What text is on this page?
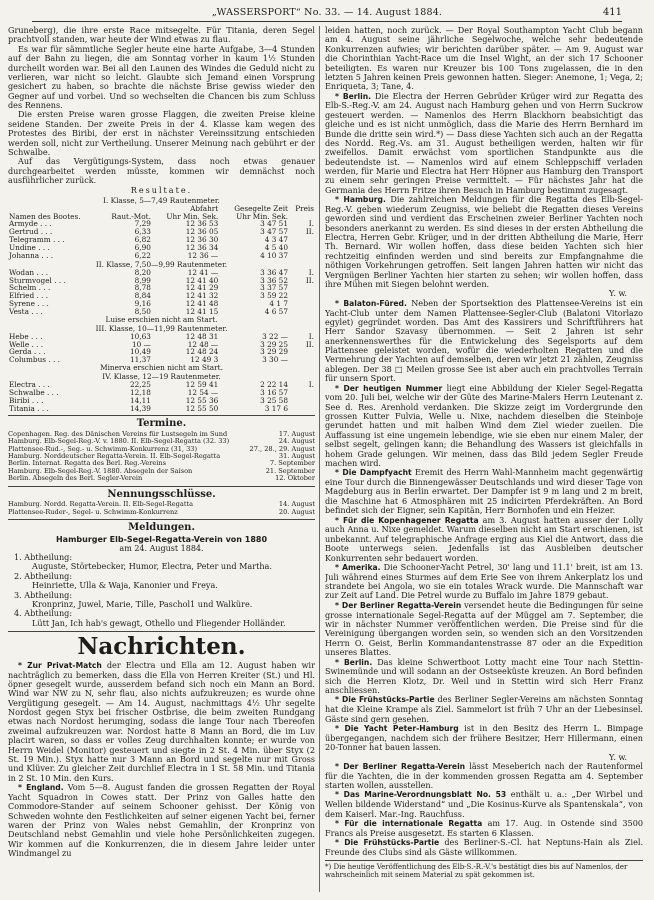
„WASSERSPORT“ No. 33. — 14. August 1884.	411

Gruneberg), die ihre erste Race mitsegelte. Für Titania, deren Segel prachtvoll standen, war heute der Wind etwas zu flau.

Es war für sämmtliche Segler heute eine harte Aufgabe, 3—4 Stunden auf der Bahn zu liegen, die am Sonntag vorher in kaum 1½ Stunden durcheilt worden war. Bei all den Launen des Windes die Geduld nicht zu verlieren, war nicht so leicht. Glaubte sich Jemand einen Vorsprung gesichert zu haben, so brachte die nächste Brise gewiss wieder den Gegner auf und vorbei. Und so wechselten die Chancen bis zum Schluss des Rennens.

Die ersten Preise waren grosse Flaggen, die zweiten Preise kleine seidene Standen. Der zweite Preis in der 4. Klasse kam wegen des Protestes des Biribi, der erst in nächster Vereinssitzung entschieden werden soll, nicht zur Vertheilung. Unserer Meinung nach gebührt er der Schwalbe.

Auf das Vergütigungs-System, dass noch etwas genauer durchgearbeitet werden müsste, kommen wir demnächst noch ausführlicher zurück.

Resultate.
I. Klasse, 5—7,49 Rautenmeter.				
		Abfahrt	Gesegelte Zeit	Preis
Namen des Bootes.	Raut.-Mot.	Uhr Min. Sek.	Uhr Min. Sek.	
Armyde . . .	7,29	12 36 53	3 47 51	I.
Gertrud . . .	6,33	12 36 05	3 47 57	II.
Telegramm . . .	6,82	12 36 30	4 3 47	
Undine . . .	6,90	12 36 34	4 5 40	
Johanna . . .	6,22	12 36 —	4 10 37	
II. Klasse, 7,50—9,99 Rautenmeter.				
Wodan . . .	8,20	12 41 —	3 36 47	I.
Sturmvogel . . .	8,99	12 41 40	3 36 52	II.
Schelm . . .	8,78	12 41 29	3 37 57	
Elfried . . .	8,84	12 41 32	3 59 22	
Syrene . . .	9,16	12 41 48	4 1 7	
Vesta . . .	8,50	12 41 15	4 6 57	
Luise erschien nicht am Start.				
III. Klasse, 10—11,99 Rautenmeter.				
Hebe . . .	10,63	12 48 31	3 22 —	I.
Welle . . .	10 —	12 48 —	3 29 25	II.
Gerda . . .	10,49	12 48 24	3 29 29	
Columbus . . .	11,37	12 49 3	3 30 —	
Minerva erschien nicht am Start.				
IV. Klasse, 12—19 Rautenmeter.				
Electra . . .	22,25	12 59 41	2 22 14	I.
Schwalbe . . .	12,18	12 54 —	3 16 57	
Biribi . . .	14,11	12 55 36	3 25 58	
Titania . . .	14,39	12 55 50	3 17 6	
Termine.
Copenhagen. Reg. des Dänischen Vereins für Lustsegeln im Sund	17. August
Hamburg. Elb-Segel-Reg.-V. v. 1880. II. Elb-Segel-Regatta (32. 33)	24. August
Plattensee-Rud.-, Seg.- u. Schwimm-Konkurrenz (31, 33)	27., 28., 29. August
Hamburg. Norddeutscher Regatta-Verein. II. Elb-Segel-Regatta	31. August
Berlin. Internat. Regatta des Berl. Reg.-Vereins	7. September
Hamburg. Elb-Segel-Reg.-V. 1880. Absegeln der Saison	21. September
Berlin. Absegeln des Berl. Segler-Verein	12. Oktober
Nennungsschlüsse.
Hamburg. Nordd. Regatta-Verein. II. Elb-Segel-Regatta	14. August
Plattensee-Ruder-, Segel- u. Schwimm-Konkurrenz	20. August
Meldungen.
Hamburger Elb-Segel-Regatta-Verein von 1880
am 24. August 1884.
1. Abtheilung:
Auguste, Störtebecker, Humor, Electra, Peter und Martha.
2. Abtheilung:
Heinriette, Ulla & Waja, Kanonier und Freya.
3. Abtheilung:
Kronprinz, Juwel, Marie, Tille, Paschol1 und Walküre.
4. Abtheilung:
Lütt Jan, Ich hab's gewagt, Othello und Fliegender Holländer.
Nachrichten.

* Zur Privat-Match der Electra und Ella am 12. August haben wir nachträglich zu bemerken, dass die Ella von Herren Kreiter (St.) und Hl. öpner gesegelt wurde, ausserdem befand sich noch ein Mann an Bord. Wind war NW zu N, sehr flau, also nichts aufzukreuzen; es wurde ohne Vergütigung gesegelt. — Am 14. August, nachmittags 4½ Uhr segelte Nordost gegen Styx bei frischer Ostbrise, die beim zweiten Rundgang etwas nach Nordost herumging, sodass die lange Tour nach Tbereofen zweimal aufzukreuzen war. Nordost hatte 8 Mann an Bord, die im Luv placirt waren, so dass er volles Zeug durchhalten konnte; er wurde von Herrn Weidel (Monitor) gesteuert und siegte in 2 St. 4 Min. über Styx (2 St. 19 Min.). Styx hatte nur 3 Mann an Bord und segelte nur mit Gross und Klüver. Zu gleicher Zeit durchlief Electra in 1 St. 58 Min. und Titania in 2 St. 10 Min. den Kurs.

* England. Vom 5—8. August fanden die grossen Regatten der Royal Yacht Squadron in Cowes statt. Der Prinz von Galles hatte den Commodore-Stander auf seinem Schooner gehisst. Der König von Schweden wohnte den Festlichkeiten auf seiner eigenen Yacht bei, ferner waren der Prinz von Wales nebst Gemahlin, der Kronprinz von Deutschland nebst Gemahlin und viele hohe Persönlichkeiten zugegen. Wir kommen auf die Konkurrenzen, die in diesem Jahre leider unter Windmangel zu

leiden hatten, noch zurück. — Der Royal Southampton Yacht Club begann am 4. August seine jährliche Segelwoche, welche sehr bedeutende Konkurrenzen aufwies; wir berichten darüber später. — Am 9. August war die Chorinthian Yacht-Race um die Insel Wight, an der sich 17 Schooner beteiligten. Es waren nur Kreuzer bis 100 Tons zugelassen, die in den letzten 5 Jahren keinen Preis gewonnen hatten. Sieger: Anemone, 1; Vega, 2; Enriqueta, 3; Tane, 4.

* Berlin. Die Electra der Herren Gebrüder Krüger wird zur Regatta des Elb-S.-Reg.-V. am 24. August nach Hamburg gehen und von Herrn Suckrow gesteuert werden. — Namenlos des Herrn Blackhorn beabsichtigt das gleiche und es ist nicht unmöglich, dass die Marie des Herrn Bernhard im Bunde die dritte sein wird.*) — Dass diese Yachten sich auch an der Regatta des Nordd. Reg.-Vs. am 31. August betheiligen werden, halten wir für zweifellos. Damit erwächst vom sportlichen Standpunkte aus die bedeutendste ist. — Namenlos wird auf einem Schleppschiff verladen werden, für Marie und Electra hat Herr Höpner aus Hamburg den Transport zu einem sehr geringen Preise vermittelt. — Für nächstes Jahr hat die Germania des Herrn Fritze ihren Besuch in Hamburg bestimmt zugesagt.

* Hamburg. Die zahlreichen Meldungen für die Regatta des Elb-Segel-Reg.-V. geben wiederum Zeugniss, wie beliebt die Regatten dieses Vereins geworden sind und verdient das Erscheinen zweier Berliner Yachten noch besonders anerkannt zu werden. Es sind dieses in der ersten Abtheilung die Electra, Herren Gebr. Krüger, und in der dritten Abtheilung die Marie, Herr Th. Bernard. Wir wollen hoffen, dass diese beiden Yachten sich hier rechtzeitig einfinden werden und sind bereits zur Empfangnahme die nöthigen Vorkehrungen getroffen. Seit langen Jahren hatten wir nicht das Vergnügen Berliner Yachten hier starten zu sehen; wir wollen hoffen, dass ihre Mühen mit Siegen belohnt werden.

Y. w.

* Balaton-Füred. Neben der Sportsektion des Plattensee-Vereins ist ein Yacht-Club unter dem Namen Plattensee-Segler-Club (Balatoni Vitorlazo egylet) gegründet worden. Das Amt des Kassirers und Schriftführers hat Herr Sandor Szavasy übernommen. — Seit 2 Jahren ist sehr anerkennenswerthes für die Entwickelung des Segelsports auf dem Plattensee geleistet worden, wofür die wiederholten Regatten und die Vermehrung der Yachten auf demselben, deren wir jetzt 21 zählen, Zeugniss ablegen. Der 38 □ Meilen grosse See ist aber auch ein prachtvolles Terrain für unsern Sport.

* Der heutigen Nummer liegt eine Abbildung der Kieler Segel-Regatta vom 20. Juli bei, welche wir der Güte des Marine-Malers Herrn Leutenant z. See d. Res. Arenhold verdanken. Die Skizze zeigt im Vordergrunde den grossen Kutter Fulvia, Welle u. Nixe, nachdem dieselben die Steinboje gerundet hatten und mit halben Wind dem Ziel wieder zueilen. Die Auffassung ist eine ungemein lebendige, wie sie eben nur einem Maler, der selbst segelt, gelingen kann; die Behandlung des Wassers ist gleichfalls in hohem Grade gelungen. Wir meinen, dass das Bild jedem Segler Freude machen wird.

* Die Dampfyacht Eremit des Herrn Wahl-Mannheim macht gegenwärtig eine Tour durch die Binnengewässer Deutschlands und wird dieser Tage von Magdeburg aus in Berlin erwartet. Der Dampfer ist 9 m lang und 2 m breit, die Maschine hat 6 Atmosphären mit 25 indicirten Pferdekräften. An Bord befindet sich der Eigner, sein Kapitän, Herr Bornhofen und ein Heizer.

* Für die Kopenhagener Regatta am 3. August hatten ausser der Lolly auch Anna u. Nixe gemeldet. Warum dieselben nicht am Start erschienen, ist unbekannt. Auf telegraphische Anfrage erging aus Kiel die Antwort, dass die Boote unterwegs seien. Jedenfalls ist das Ausbleiben deutscher Konkurrenten sehr bedauert worden.

* Amerika. Die Schooner-Yacht Petrel, 30' lang und 11.1' breit, ist am 13. Juli während eines Sturmes auf dem Erie See von ihrem Ankerplatz los und strandete bei Angola, wo sie ein totales Wrack wurde. Die Mannschaft war zur Zeit auf Land. Die Petrel wurde zu Buffalo im Jahre 1879 gebaut.

* Der Berliner Regatta-Verein versendet heute die Bedingungen für seine grosse internationale Segel-Regatta auf der Müggel am 7. September, die wir in nächster Nummer veröffentlichen werden. Die Preise sind für die Vereinigung übergangen worden sein, so wenden sich an den Vorsitzenden Herrn O. Geist, Berlin Kommandantenstrasse 87 oder an die Expedition unseres Blattes.

* Berlin. Das kleine Schwertboot Lotty macht eine Tour nach Stettin-Swinemünde und will sodann an der Ostseeküste kreuzen. An Bord befinden sich die Herren Klotz, Dr. Weil und in Stettin wird sich Herr Franz anschliessen.

* Die Frühstücks-Partie des Berliner Segler-Vereins am nächsten Sonntag hat die Kleine Krampe als Ziel. Sammelort ist früh 7 Uhr an der Liebesinsel. Gäste sind gern gesehen.

* Die Yacht Peter-Hamburg ist in den Besitz des Herrn L. Bimpage übergegangen, nachdem sich der frühere Besitzer, Herr Hillermann, einen 20-Tonner hat bauen lassen.

Y. w.

* Der Berliner Regatta-Verein lässt Meseberich nach der Rautenformel für die Yachten, die in der kommenden grossen Regatta am 4. September starten wollen, ausstellen.

* Das Marine-Verordnungsblatt No. 53 enthält u. a.: „Der Wirbel und Wellen bildende Widerstand“ und „Die Kosinus-Kurve als Spantenskala“, von dem Kaiserl. Mar.-Ing. Rauchfuss.

* Für die internationale Regatta am 17. Aug. in Ostende sind 3500 Francs als Preise ausgesetzt. Es starten 6 Klassen.

* Die Frühstücks-Partie des Berliner-S.-Cl. hat Neptuns-Hain als Ziel. Freunde des Clubs sind als Gäste willkommen.

*) Die heutige Veröffentlichung des Elb-S.-R.-V.'s bestätigt dies bis auf Namenlos, der wahrscheinlich mit seinem Material zu spät gekommen ist.
